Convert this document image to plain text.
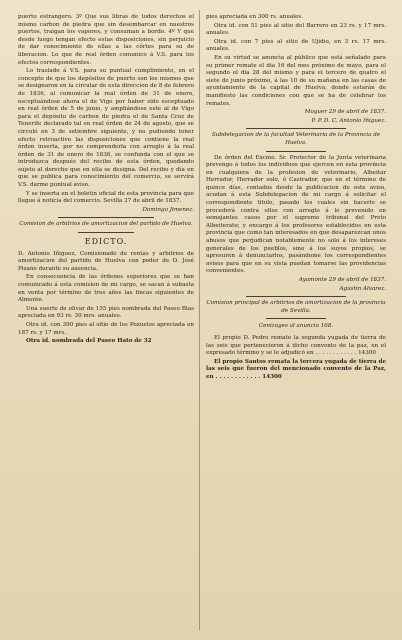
puerto estrangero. 3º Que sus libras de todos derechos el mismo carbon de piedra que sin desembarcar en nuestros puertos, traigan los vapores, y consuman a bordo. 4º Y que desde luego tengan efecto estas disposiciones, sin perjuicio de dar conocimiento de ellas a las córtes para su de liberacion. Lo que de real órden comunico á V.S. para los efectos correspondientes.

Lo traslado á V.S. para su puntual cumplimiento, en el concepto de que los depósitos de puerto son los mismos que se designaron en la circular de esta direccion de 8 de febrero de 1836, al comunicar la real órden de 31 de enero, esceptuándose ahora el de Vigo por haber sido esceptuado en real órden de 5 de junio, y ampliándose este al de Vigo para el depósito de carbon de piedra el de Santa Cruz de Tenerife declarado tal en real órden de 24 de agosto, que se circuló en 3 de setiembre siguiente, y no pudiendo tener efecto retroactivo las disposiciones que contiene la real órden inserta, por no comprenderla con arreglo á la real órden de 31 de enero de 1836, se confunda con el que se introduzca después del recibo de esta órden, quedando sujeto al derecho que en ella se designa. Del recibo y día en que se publica para conocimiento del comercio, se servirá V.S. darme puntual aviso.

Y se inserta en el boletin oficial de esta provincia para que llegue á noticia del comercio. Sevilla 27 de abril de 1837.

Domingo Jimenez.

Comision de arbitrios de amortizacion del partido de Huelva.

EDICTO.

D. Antonio Iñiguez, Comisionado de rentas y arbitrios de amortizacion del partido de Huelva con poder de D. José Pizano durante su ausencia.

En consecuencia de las órdenes superiores que se han comunicado á esta comision de mi cargo, se sacan á subasta en venta por término de tres años las fincas siguientes de Almonte.

Una suerte de olivar de 155 pies nombrada del Paseo Blas apreciada en 93 rs. 30 mrs. anuales.

Otra id. con 390 pies al sitio de los Pozuelos apreciada en 187 rs. y 17 mrs.

Otra id. nombrada del Paseo Hato de 32

pies apreciada en 300 rs. anuales.

Otra id. con 51 pies al sitio del Barrero en 23 rs. y 17 mrs. anuales.

Otra id. con 7 pies al sitio de Ujidio, en 3 rs. 17 mrs. anuales.

En su virtud se anuncia al público que está señalado para su primer remate el dia 16 del mes próximo de mayo, para el segundo el dia 28 del mismo y para el tercero de quatro el siete de junio próximo, á las 10 de su mañana en las casas de ayuntamiento de la capital de Huelva, donde estarán de manifiesto las condiciones con que se ha de celebrar los remates.

Moguer 29 de abril de 1837.

P. P. D. C. Antonio Iñiguez.

Subdelegacion de la facultad Veterinaria de la Provincia de Huelva.

De órden del Excmo. Sr. Protector de la Junta veterinaria prevengo á todos los individuos que ejercen en esta provincia en cualquiera de la profesion de veterinario, Albeitar Herrador, Herrador solo, ó Castrador, que en el término de quince días, contados desde la publicacion de este aviso, acudan á esta Subdelegacion de mi cargo á solicitar el correspondiente titulo, pasado los cuales sin hacerlo se procederá contra ellos con arreglo á lo prevenido en semejantes casos por el supremo tribunal del Proto Albeiterato; y encargo á los profesores establecidos en esta provincia que como tan interesados en que desaparezcan unos abusos que perjudican notablemente no solo á los intereses generales de los pueblos, sino á los suyos propios, se apresuren á denunciarlos, pasándome los correspondientes avisos para que en su vista puedan tomarse las providencias convenientes.

Ayamonte 29 de abril de 1837.

Agustin Alvarez.

Comision principal de arbitrios de amortizacion de la provincia de Sevilla.

Cenizages al anuncio 168.

El propio D. Pedro remate la segunda yugada de tierra de las seis que pertenecieron á dicho convento de la paz, en el expresado término y se le adjudicó en . . . . . . . . . . . . 14300

El propio Santos remata la tercera yugada de tierra de las seis que fueron del mencionado convento de la Paz, en . . . . . . . . . . . . 14300
